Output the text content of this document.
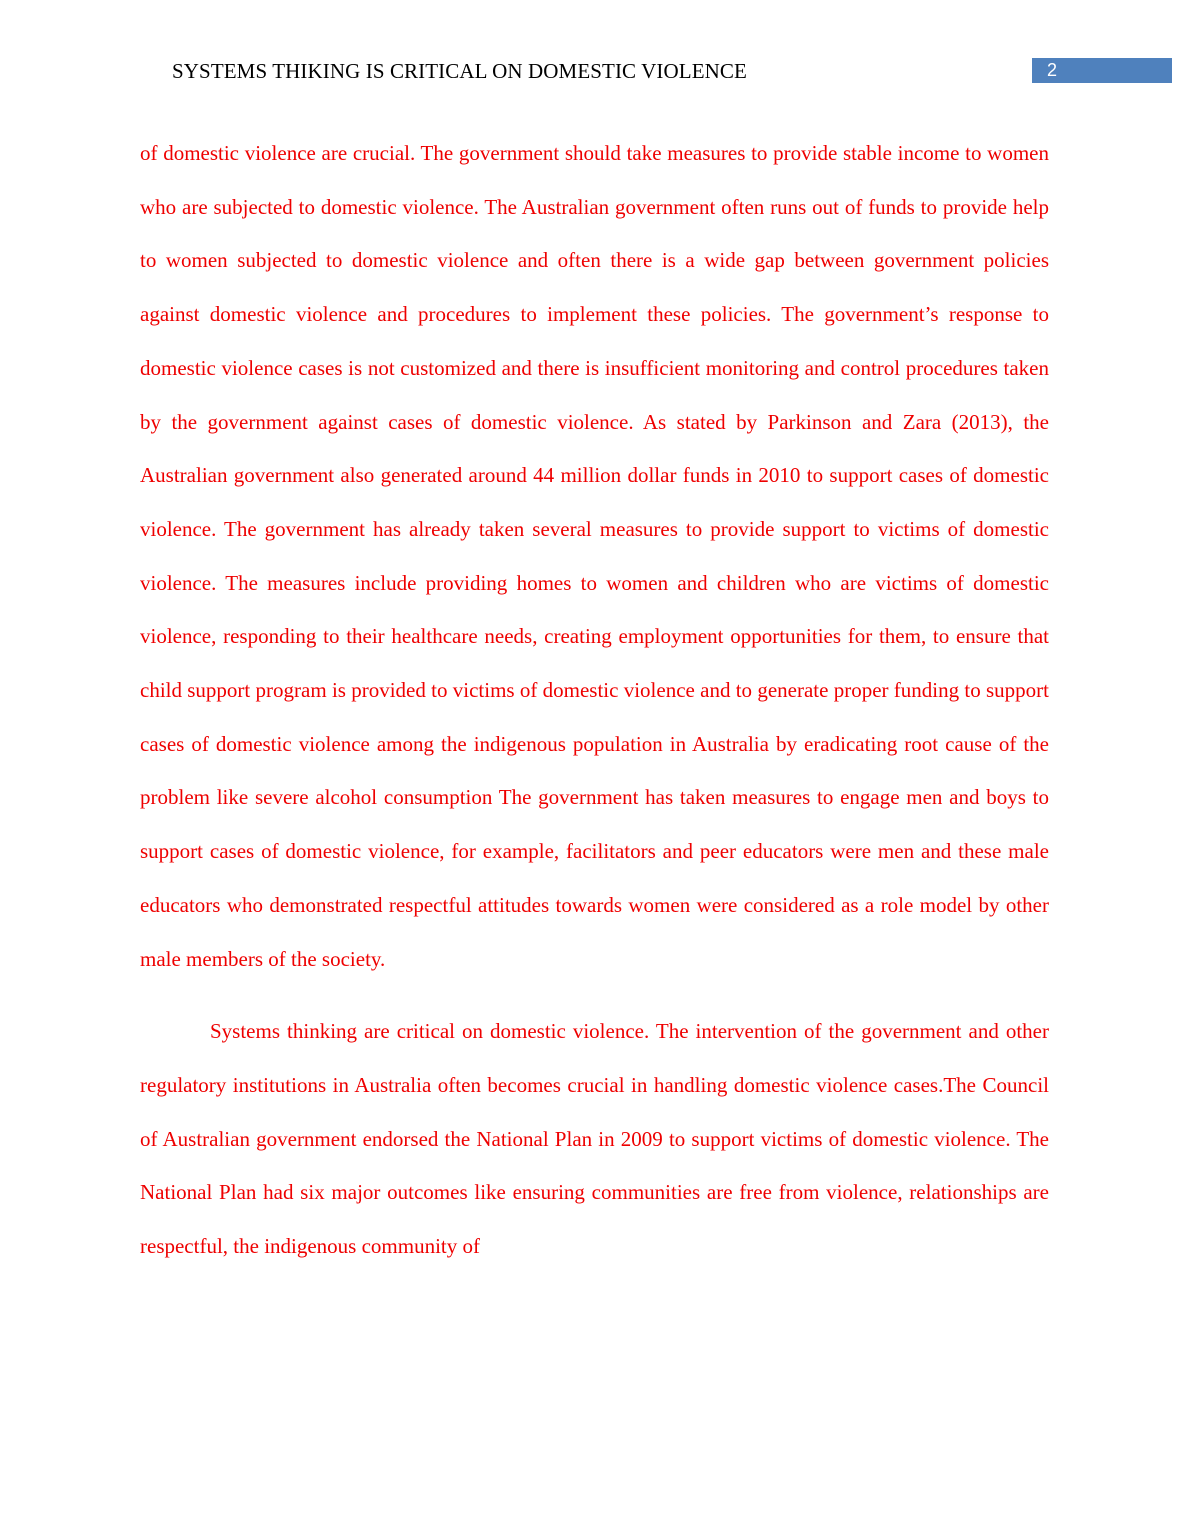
SYSTEMS THIKING IS CRITICAL ON DOMESTIC VIOLENCE	2

of domestic violence are crucial. The government should take measures to provide stable income to women who are subjected to domestic violence. The Australian government often runs out of funds to provide help to women subjected to domestic violence and often there is a wide gap between government policies against domestic violence and procedures to implement these policies. The government’s response to domestic violence cases is not customized and there is insufficient monitoring and control procedures taken by the government against cases of domestic violence. As stated by Parkinson and Zara (2013), the Australian government also generated around 44 million dollar funds in 2010 to support cases of domestic violence. The government has already taken several measures to provide support to victims of domestic violence. The measures include providing homes to women and children who are victims of domestic violence, responding to their healthcare needs, creating employment opportunities for them, to ensure that child support program is provided to victims of domestic violence and to generate proper funding to support cases of domestic violence among the indigenous population in Australia by eradicating root cause of the problem like severe alcohol consumption The government has taken measures to engage men and boys to support cases of domestic violence, for example, facilitators and peer educators were men and these male educators who demonstrated respectful attitudes towards women were considered as a role model by other male members of the society.

Systems thinking are critical on domestic violence. The intervention of the government and other regulatory institutions in Australia often becomes crucial in handling domestic violence cases.The Council of Australian government endorsed the National Plan in 2009 to support victims of domestic violence. The National Plan had six major outcomes like ensuring communities are free from violence, relationships are respectful, the indigenous community of
